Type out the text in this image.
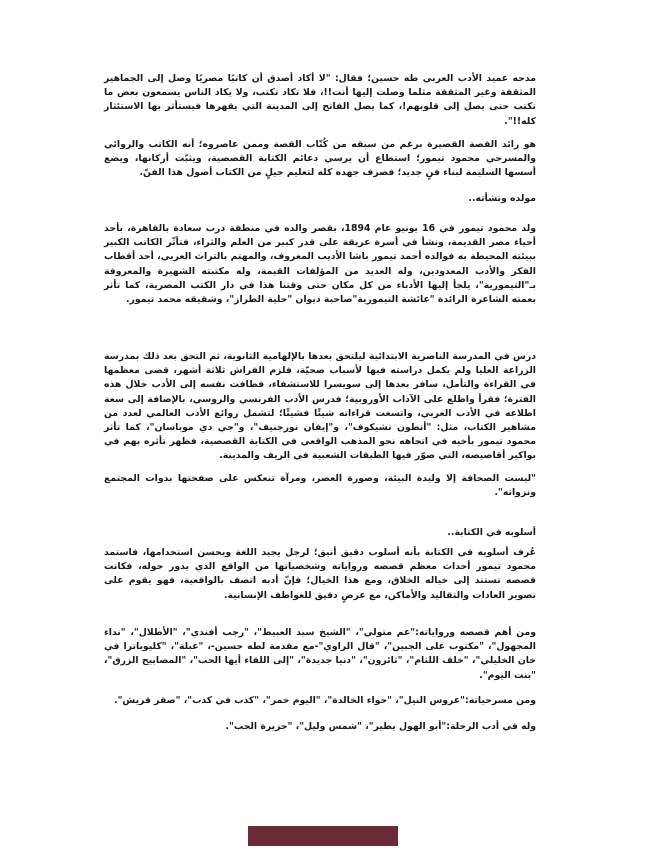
مدحه عميد الأدب العربي طه حسين؛ فقال: "لا أكاد أصدق أن كاتبًا مصريًا وصل إلى الجماهير المثقفة وغير المثقفة مثلما وصلت إليها أنت!!، فلا تكاد تكتب، ولا يكاد الناس يسمعون بعض ما تكتب حتى يصل إلى قلوبهم!، كما يصل الفاتح إلى المدينة التي يقهرها فيستأثر بها الاستئثار كله!!".

هو رائد القصة القصيرة برغم من سبقه من كُتّاب القصة وممن عاصروه؛ أنه الكاتب والروائي والمسرحي محمود تيمور؛ استطاع أن يرسي دعائم الكتابة القصصية، ويثبّت أركانها، ويضع أسسها السليمة لبناء فنٍ جديد؛ فصرف جهده كله لتعليم جيلٍ من الكتاب أصول هذا الفنّ.

مولده ونشأته..

ولد محمود تيمور في 16 يونيو عام 1894، بقصر والده في منطقة درب سعادة بالقاهرة، بأحد أحياء مصر القديمة، ونشأ في أسرة عريقة على قدر كبير من العلم والثراء، فتأثّر الكاتب الكبير ببيئته المحيطة به فوالده أحمد تيمور باشا الأديب المعروف، والمهتم بالتراث العربي، أحد أقطاب الفكر والأدب المعدودين، وله العديد من المؤلفات القيمة، وله مكتبته الشهيرة والمعروفة بـ"التيمورية"، يلجأ إليها الأدباء من كل مكان حتى وقتنا هذا في دار الكتب المصرية، كما تأثر بعمته الشاعرة الرائدة "عائشة التيمورية"صاحبة ديوان "حلية الطراز"، وشقيقه محمد تيمور.

درس في المدرسة الناصرية الابتدائية ليلتحق بعدها بالإلهامية الثانوية، ثم التحق بعد ذلك بمدرسة الزراعة العليا ولم يكمل دراسته فيها لأسباب صحيّة، فلزم الفراش ثلاثة أشهر، قضى معظمها في القراءة والتأمل، سافر بعدها إلى سويسرا للاستشفاء، فطافت نفسه إلى الأدب خلال هذه الفترة؛ فقرأ واطلع على الآداب الأوروبية؛ فدرس الأدب الفرنسي والروسي، بالإضافة إلى سعة اطلاعه في الأدب العربي، واتسعت قراءاته شيئًا فشيئًا؛ لتشمل روائع الأدب العالمي لعدد من مشاهير الكتاب، مثل: "أنطون تشيكوف"، و"إيفان تورجنيف"، و"جي دي موباسان"، كما تأثر محمود تيمور بأخيه في اتجاهه نحو المذهب الواقعي في الكتابة القصصية، فظهر تأثره بهم في بواكير أقاصيصه، التي صوّر فيها الطبقات الشعبية في الريف والمدينة.

"ليست الصحافة إلا وليدة البيئة، وصورة العصر، ومرآة تنعكس على صفحتها بدوات المجتمع ونزواته".

أسلوبه في الكتابة..

عُرف أسلوبه في الكتابة بأنه أسلوب دقيق أنيق؛ لرجل يجيد اللغة ويحسن استخدامها، فاستمد محمود تيمور أحداث معظم قصصه ورواياته وشخصياتها من الواقع الذي يدور حوله، فكانت قصصه تستند إلى خياله الخلاق، ومع هذا الخيال؛ فإنّ أدبه اتصف بالواقعية، فهو يقوم على تصوير العادات والتقاليد والأماكن، مع عرضٍ دقيق للعواطف الإنسانية.

ومن أهم قصصه ورواياته:"عم متولي"، "الشيخ سيد العبيط"، "رجب أفندي"، "الأطلال"، "نداء المجهول"، "مكتوب على الجبين"، "قال الراوي"-مع مقدمة لطه حسين-، "عبلة"، "كليوباترا في خان الخليلي"، "خلف اللثام"، "ثائرون"، "دنيا جديدة"، "إلى اللقاء أيها الحب"، "المصابيح الزرق"، "بنت اليوم".

ومن مسرحياته:"عروس النيل"، "حواء الخالدة"، "اليوم خمر"، "كذب في كذب"، "صقر قريش".

وله في أدب الرحلة:"أبو الهول يطير"، "شمس وليل"، "جزيرة الحب".
